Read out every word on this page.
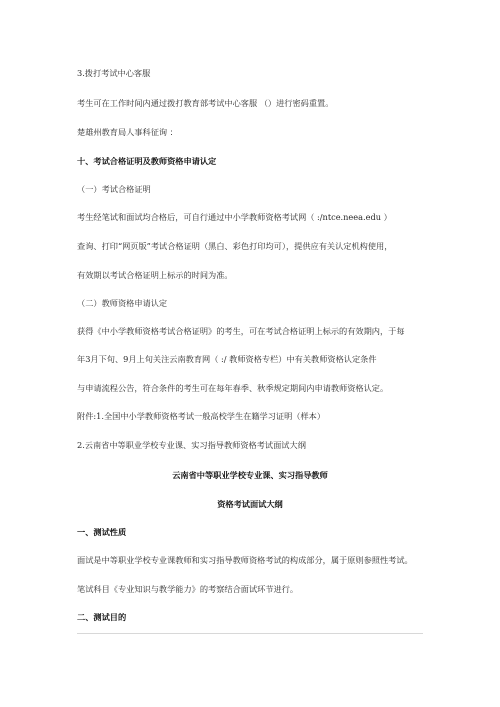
3.拨打考试中心客服
考生可在工作时间内通过拨打教育部考试中心客服 （）进行密码重置。
楚雄州教育局人事科征询 ：
十、考试合格证明及教师资格申请认定
（一）考试合格证明
考生经笔试和面试均合格后，可自行通过中小学教师资格考试网（ :/ntce.neea.edu ）
查询、打印“网页版”考试合格证明（黑白、彩色打印均可），提供应有关认定机构使用，
有效期以考试合格证明上标示的时间为准。
（二）教师资格申请认定
获得《中小学教师资格考试合格证明》的考生，可在考试合格证明上标示的有效期内，于每
年3月下旬、9月上旬关注云南教育网（ :/ 教师资格专栏）中有关教师资格认定条件
与申请流程公告，符合条件的考生可在每年春季、秋季规定期间内申请教师资格认定。
附件:1.全国中小学教师资格考试一般高校学生在籍学习证明（样本）
2.云南省中等职业学校专业课、实习指导教师资格考试面试大纲
云南省中等职业学校专业课、实习指导教师
资格考试面试大纲
一、测试性质
面试是中等职业学校专业课教师和实习指导教师资格考试的构成部分，属于原则参照性考试。
笔试科目《专业知识与教学能力》的考察结合面试环节进行。
二、测试目的
